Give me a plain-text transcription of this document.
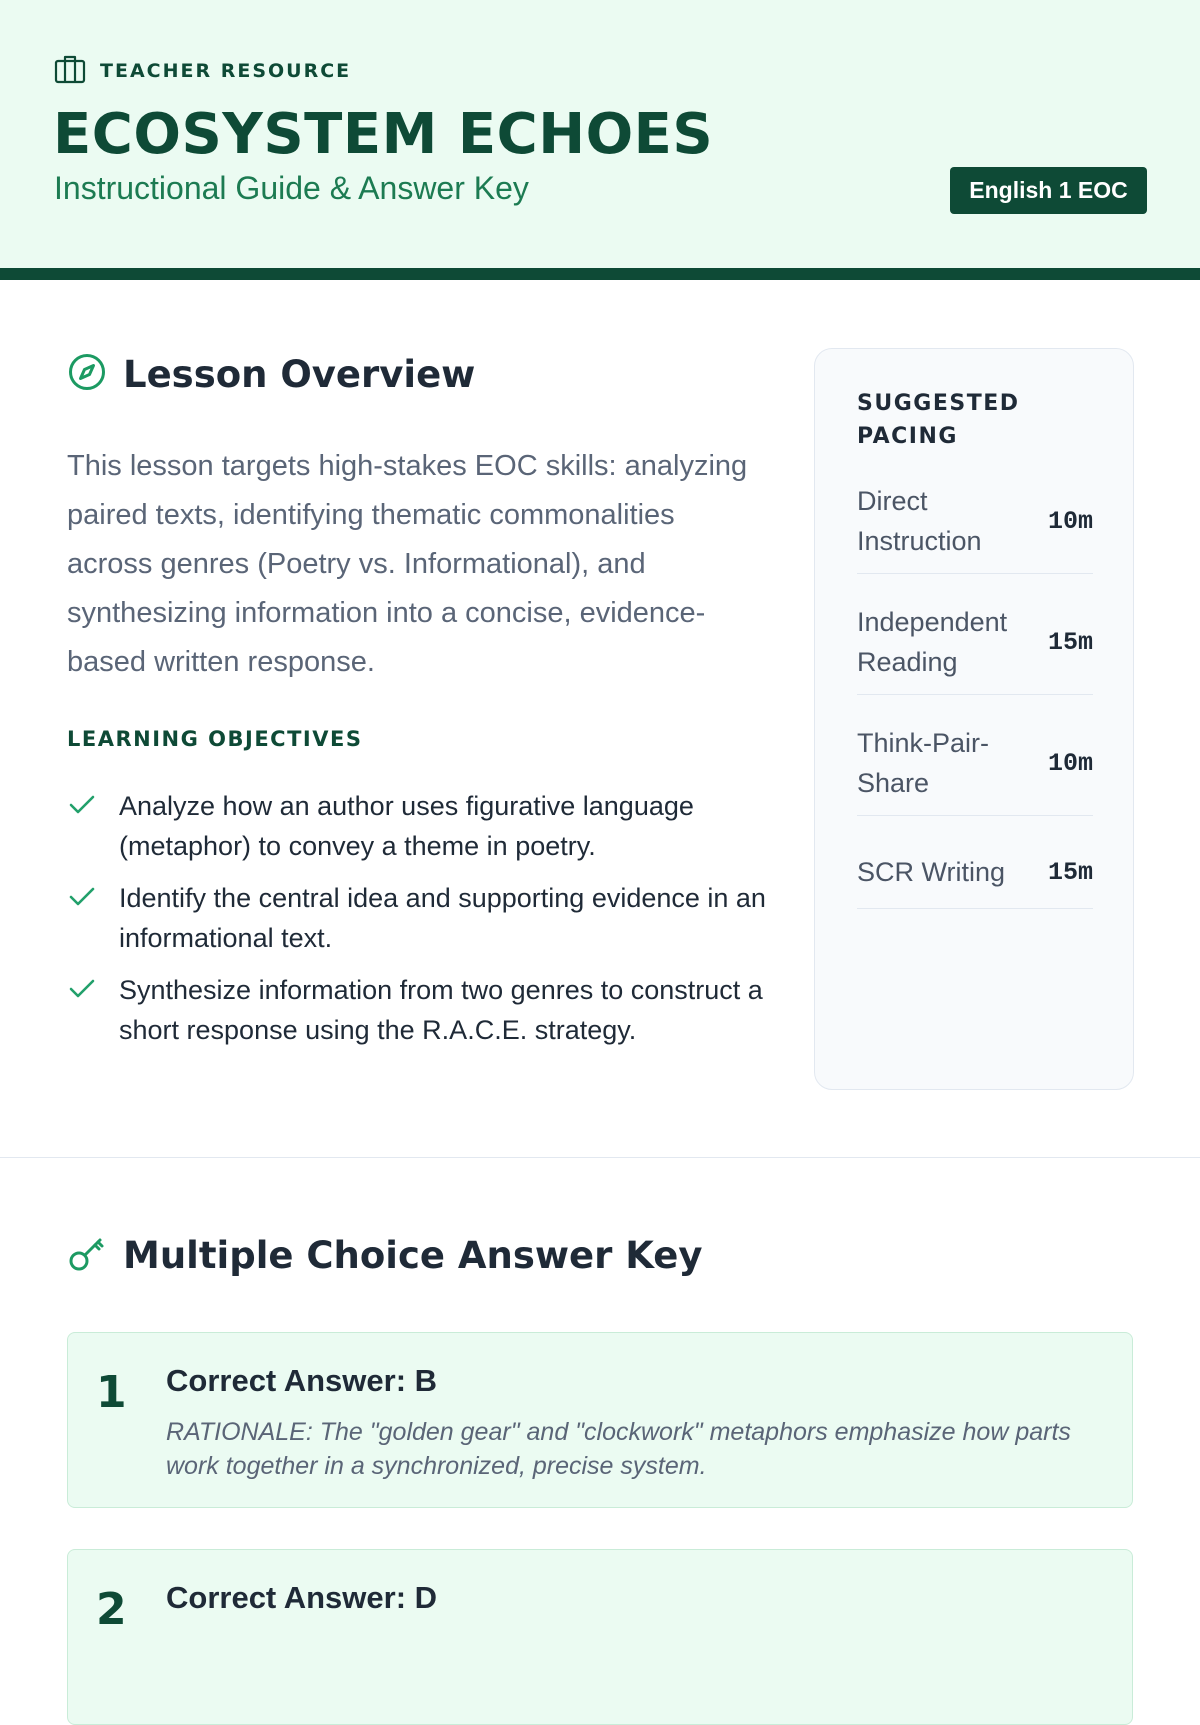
TEACHER RESOURCE
ECOSYSTEM ECHOES
Instructional Guide & Answer Key	English 1 EOC
Lesson Overview
This lesson targets high-stakes EOC skills: analyzing paired texts, identifying thematic commonalities across genres (Poetry vs. Informational), and synthesizing information into a concise, evidence-based written response.
LEARNING OBJECTIVES
Analyze how an author uses figurative language (metaphor) to convey a theme in poetry.
Identify the central idea and supporting evidence in an informational text.
Synthesize information from two genres to construct a short response using the R.A.C.E. strategy.
SUGGESTED PACING
Direct Instruction
10m
Independent Reading
15m
Think-Pair-Share
10m
SCR Writing	15m
Multiple Choice Answer Key
1 Correct Answer: B
RATIONALE: The "golden gear" and "clockwork" metaphors emphasize how parts work together in a synchronized, precise system.
2 Correct Answer: D
